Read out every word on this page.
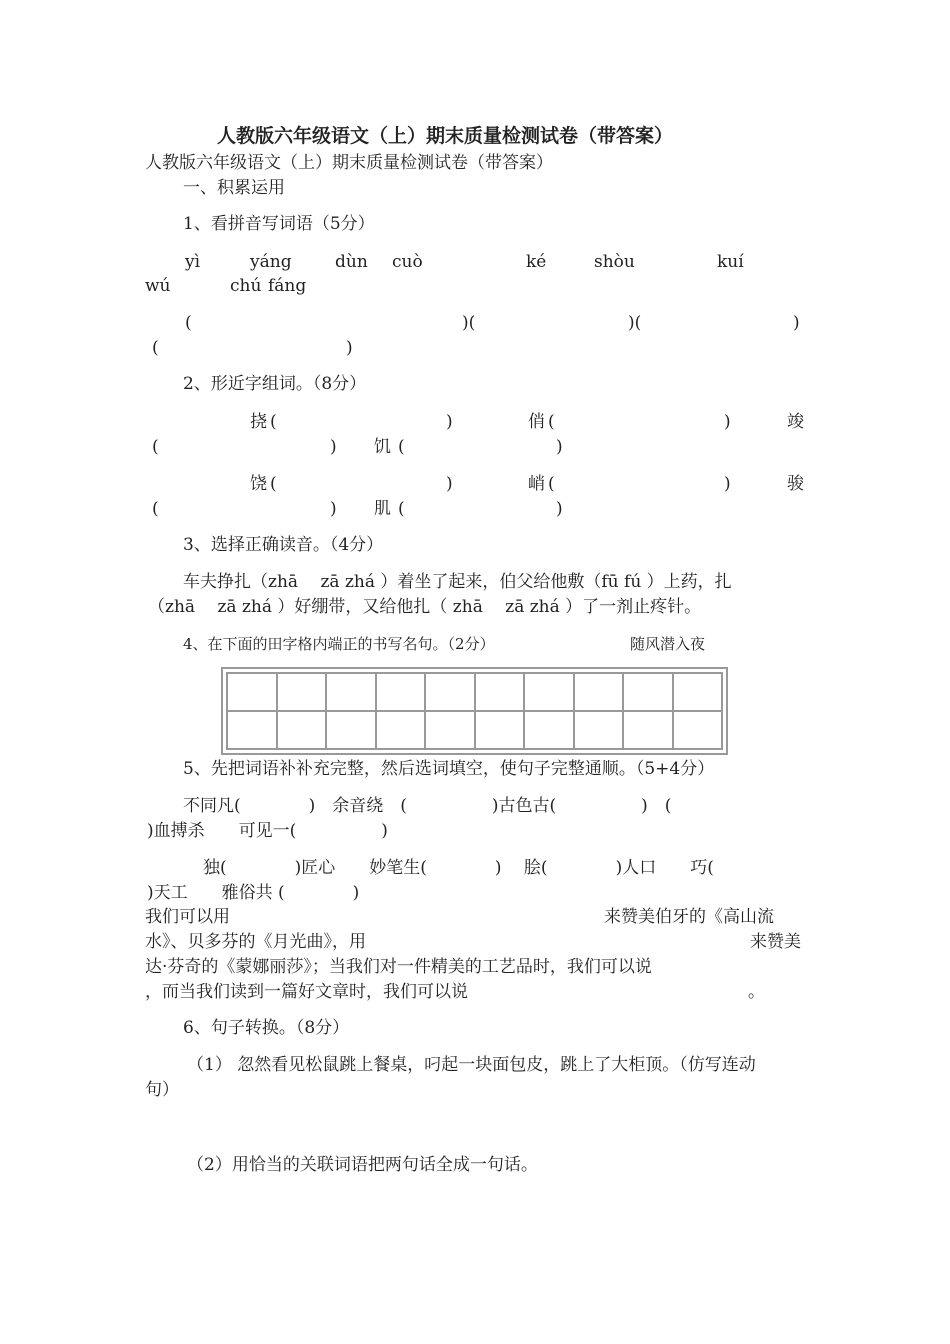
人教版六年级语文（上）期末质量检测试卷（带答案）
人教版六年级语文（上）期末质量检测试卷（带答案）
一、积累运用
1、看拼音写词语（5分）
yì	yáng	dùn cuò	ké	shòu	kuí
wú	chú fáng
(	)(	)(	)
(	)
2、形近字组词。（8分）
挠 (	)	俏 (	)	竣
(	) 饥 (	)
饶 (	)	峭 (	)	骏
(	) 肌 (	)
3、选择正确读音。（4分）
车夫挣扎（zhā　 zā zhá ）着坐了起来，伯父给他敷（fū fú ）上药，扎
（zhā　 zā zhá ）好绷带，又给他扎（ zhā　 zā zhá ）了一剂止疼针。
4、在下面的田字格内端正的书写名句。（2分）	随风潜入夜
5、先把词语补补充完整，然后选词填空，使句子完整通顺。（5+4分）
不同凡(　　　　)　余音绕　(　　　　　)古色古(　　　　　)　(
)血搏杀　　可见一(　　　　　)
独(　　　　)匠心　　妙笔生(　　　　)　 脍(　　　　)人口　　巧(
)天工　　雅俗共 (　　　　)
我们可以用	来赞美伯牙的《高山流
水》、贝多芬的《月光曲》，用	来赞美
达·芬奇的《蒙娜丽莎》；当我们对一件精美的工艺品时，我们可以说
，而当我们读到一篇好文章时，我们可以说	。
6、句子转换。（8分）
（1） 忽然看见松鼠跳上餐桌，叼起一块面包皮，跳上了大柜顶。（仿写连动
句）
（2）用恰当的关联词语把两句话全成一句话。
